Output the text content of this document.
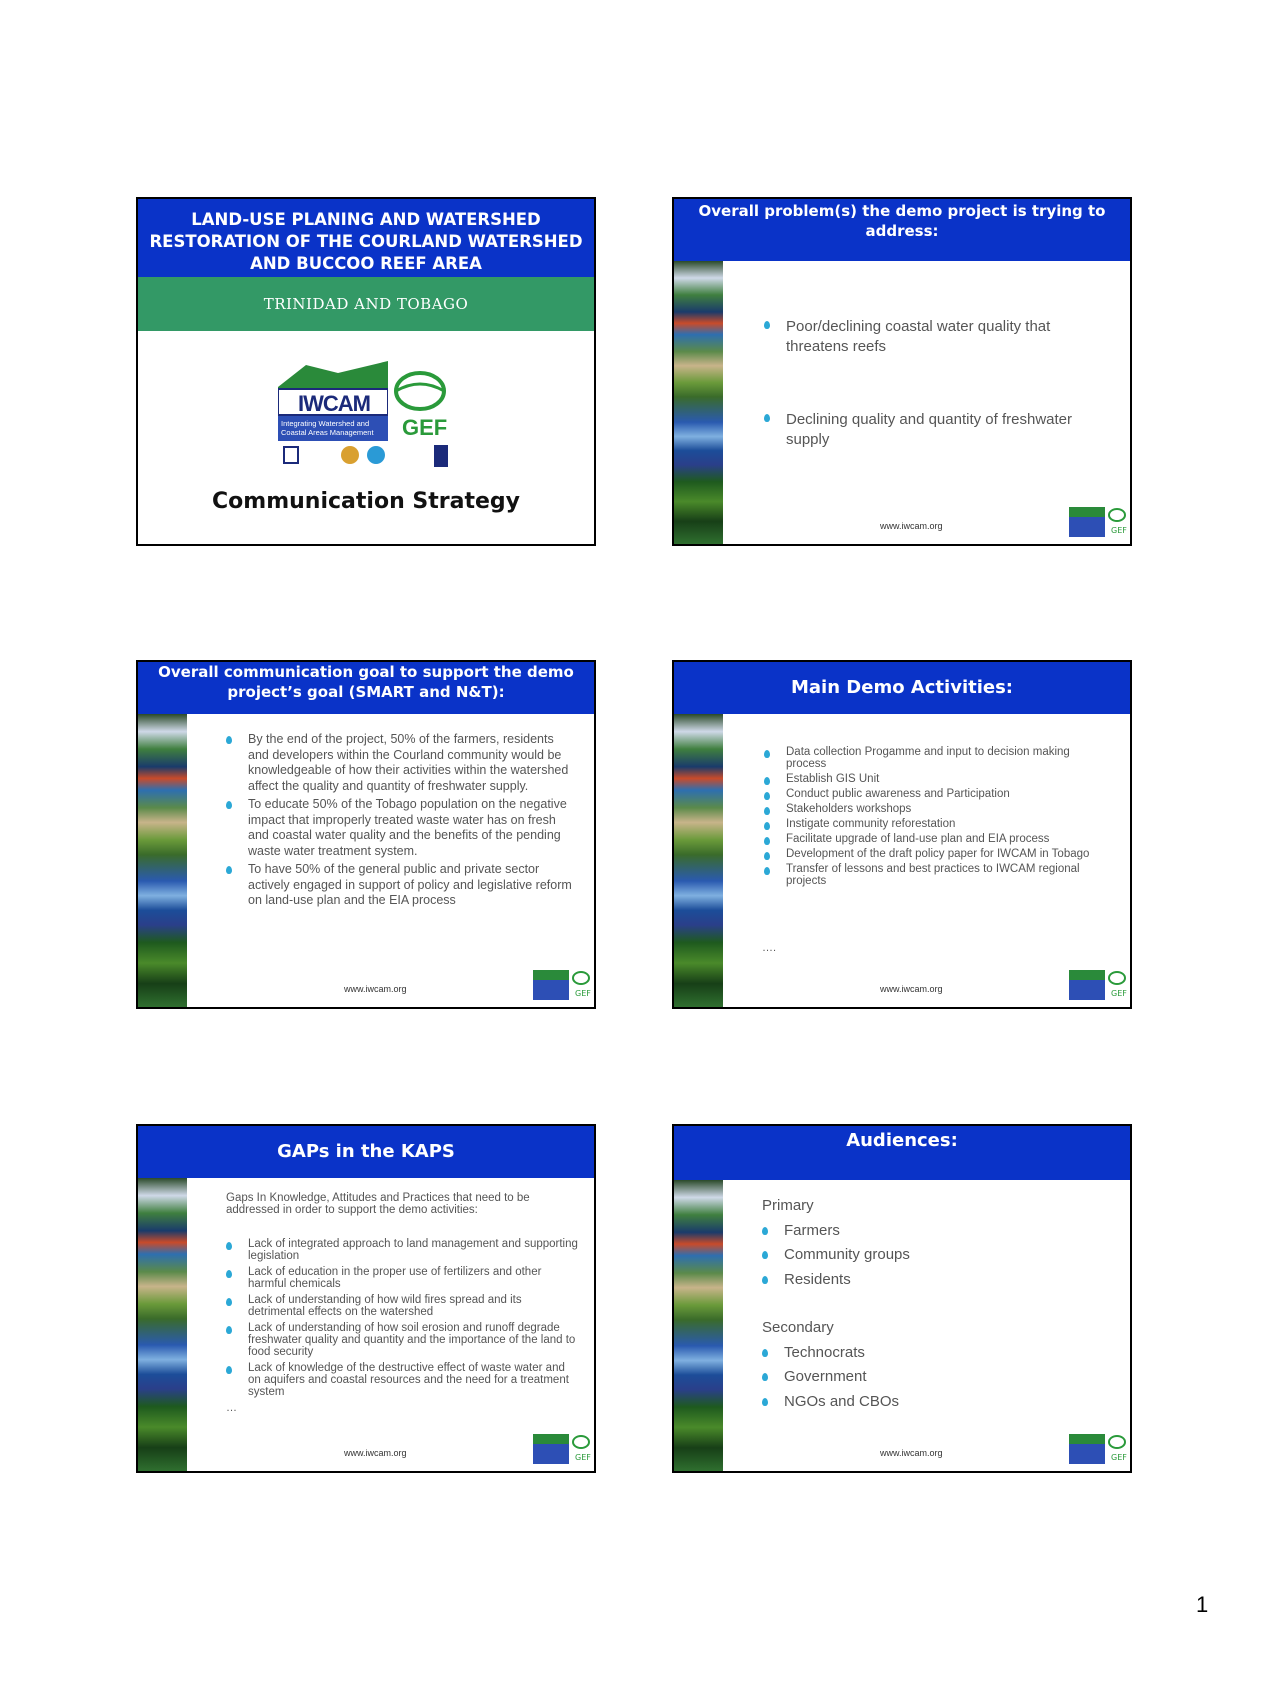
LAND-USE PLANING AND WATERSHED RESTORATION OF THE COURLAND WATERSHED AND BUCCOO REEF AREA
TRINIDAD AND TOBAGO
IWCAM
Integrating Watershed and Coastal Areas Management	GEF
Communication Strategy
Overall problem(s) the demo project is trying to address:
Poor/declining coastal water quality that threatens reefs
Declining quality and quantity of freshwater supply
www.iwcam.org	GEF
Overall communication goal to support the demo project’s goal (SMART and N&T):
By the end of the project, 50% of the farmers, residents and developers within the Courland community would be knowledgeable of how their activities within the watershed affect the quality and quantity of freshwater supply.
To educate 50% of the Tobago population on the negative impact that improperly treated waste water has on fresh and coastal water quality and the benefits of the pending waste water treatment system.
To have 50% of the general public and private sector actively engaged in support of policy and legislative reform on land-use plan and the EIA process
www.iwcam.org	GEF
Main Demo Activities:
Data collection Progamme and input to decision making process
Establish GIS Unit
Conduct public awareness and Participation
Stakeholders workshops
Instigate community reforestation
Facilitate upgrade of land-use plan and EIA process
Development of the draft policy paper for IWCAM in Tobago
Transfer of lessons and best practices to IWCAM regional projects
….
www.iwcam.org	GEF
GAPs in the KAPS
Gaps In Knowledge, Attitudes and Practices that need to be addressed in order to support the demo activities:
Lack of integrated approach to land management and supporting legislation
Lack of education in the proper use of fertilizers and other harmful chemicals
Lack of understanding of how wild fires spread and its detrimental effects on the watershed
Lack of understanding of how soil erosion and runoff degrade freshwater quality and quantity and the importance of the land to food security
Lack of knowledge of the destructive effect of waste water and on aquifers and coastal resources and the need for a treatment system
…
www.iwcam.org	GEF
Audiences:
Primary
Farmers
Community groups
Residents
Secondary
Technocrats
Government
NGOs and CBOs
www.iwcam.org	GEF
1
